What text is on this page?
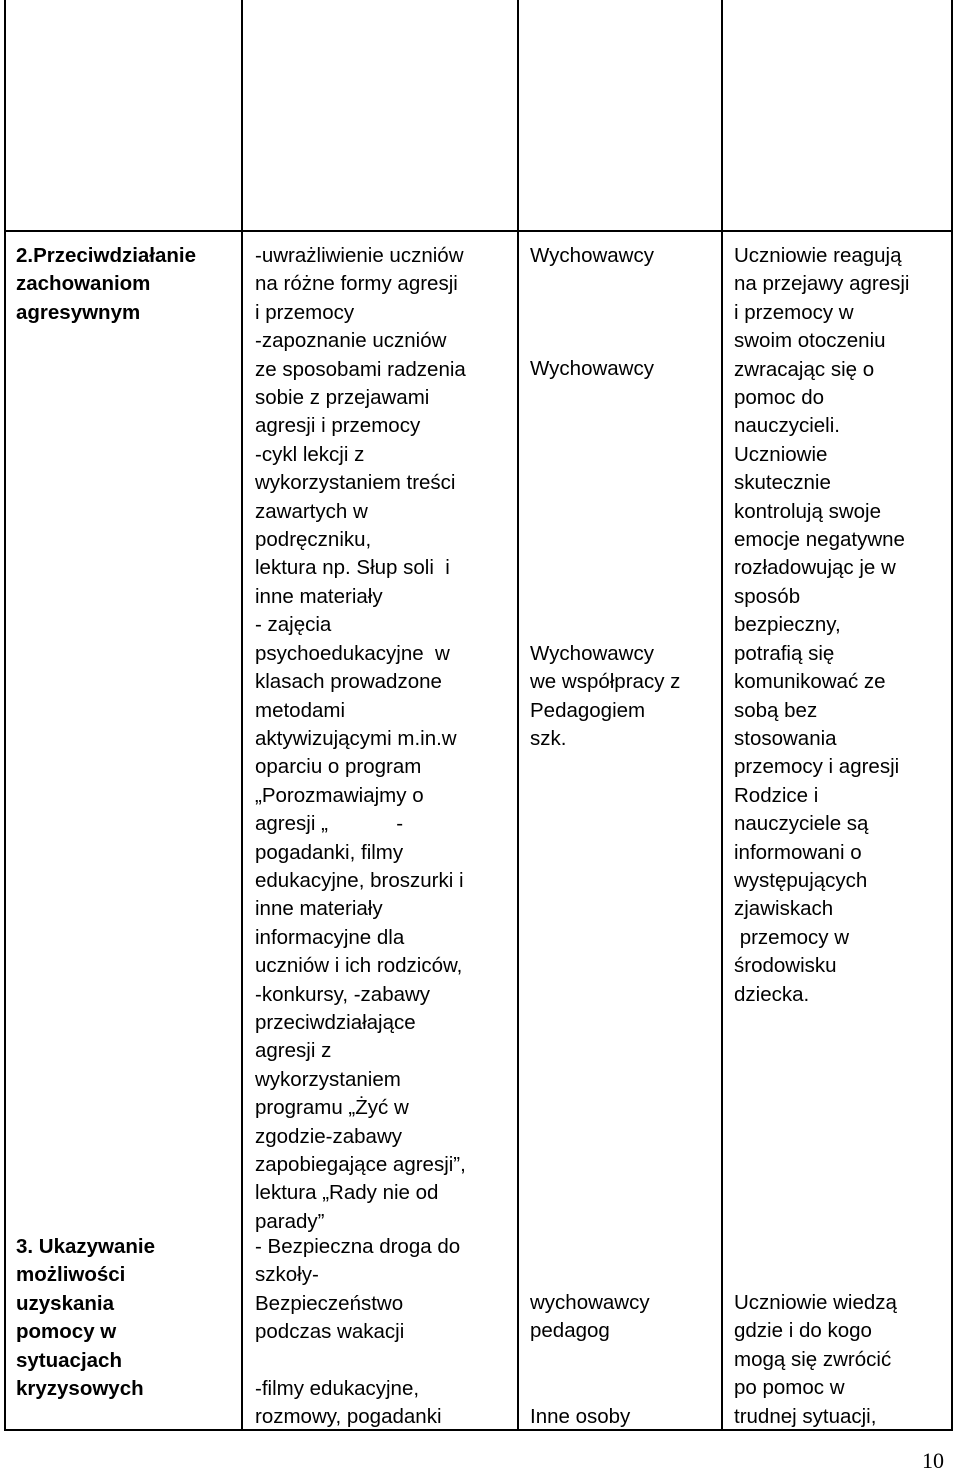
2.Przeciwdziałanie
zachowaniom
agresywnym
-uwrażliwienie uczniów
na różne formy agresji
i przemocy
-zapoznanie uczniów
ze sposobami radzenia
sobie z przejawami
agresji i przemocy
-cykl lekcji z
wykorzystaniem treści
zawartych w
podręczniku,
lektura np. Słup soli  i
inne materiały
- zajęcia
psychoedukacyjne  w
klasach prowadzone
metodami
aktywizującymi m.in.w
oparciu o program
„Porozmawiajmy o
agresji „            -
pogadanki, filmy
edukacyjne, broszurki i
inne materiały
informacyjne dla
uczniów i ich rodziców,
-konkursy, -zabawy
przeciwdziałające
agresji z
wykorzystaniem
programu „Żyć w
zgodzie-zabawy
zapobiegające agresji”,
lektura „Rady nie od
parady”
Wychowawcy
Wychowawcy
Wychowawcy
we współpracy z
Pedagogiem
szk.
Uczniowie reagują
na przejawy agresji
i przemocy w
swoim otoczeniu
zwracając się o
pomoc do
nauczycieli.
Uczniowie
skutecznie
kontrolują swoje
emocje negatywne
rozładowując je w
sposób
bezpieczny,
potrafią się
komunikować ze
sobą bez
stosowania
przemocy i agresji
Rodzice i
nauczyciele są
informowani o
występujących
zjawiskach
przemocy w
środowisku
dziecka.
3. Ukazywanie
możliwości
uzyskania
pomocy w
sytuacjach
kryzysowych
- Bezpieczna droga do
szkoły-
Bezpieczeństwo
podczas wakacji

-filmy edukacyjne,
rozmowy, pogadanki
wychowawcy
pedagog
Inne osoby
Uczniowie wiedzą
gdzie i do kogo
mogą się zwrócić
po pomoc w
trudnej sytuacji,
10
